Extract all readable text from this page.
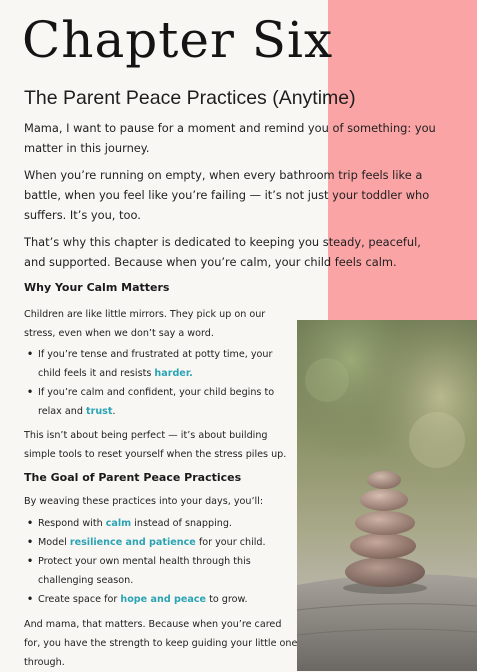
Chapter Six
The Parent Peace Practices (Anytime)

Mama, I want to pause for a moment and remind you of something: you matter in this journey.

When you’re running on empty, when every bathroom trip feels like a battle, when you feel like you’re failing — it’s not just your toddler who suffers. It’s you, too.

That’s why this chapter is dedicated to keeping you steady, peaceful, and supported. Because when you’re calm, your child feels calm.

Why Your Calm Matters

Children are like little mirrors. They pick up on our stress, even when we don’t say a word.

• If you’re tense and frustrated at potty time, your child feels it and resists harder.
• If you’re calm and confident, your child begins to relax and trust.

This isn’t about being perfect — it’s about building simple tools to reset yourself when the stress piles up.

The Goal of Parent Peace Practices

By weaving these practices into your days, you’ll:

• Respond with calm instead of snapping.
• Model resilience and patience for your child.
• Protect your own mental health through this challenging season.
• Create space for hope and peace to grow.

And mama, that matters. Because when you’re cared for, you have the strength to keep guiding your little one through.
